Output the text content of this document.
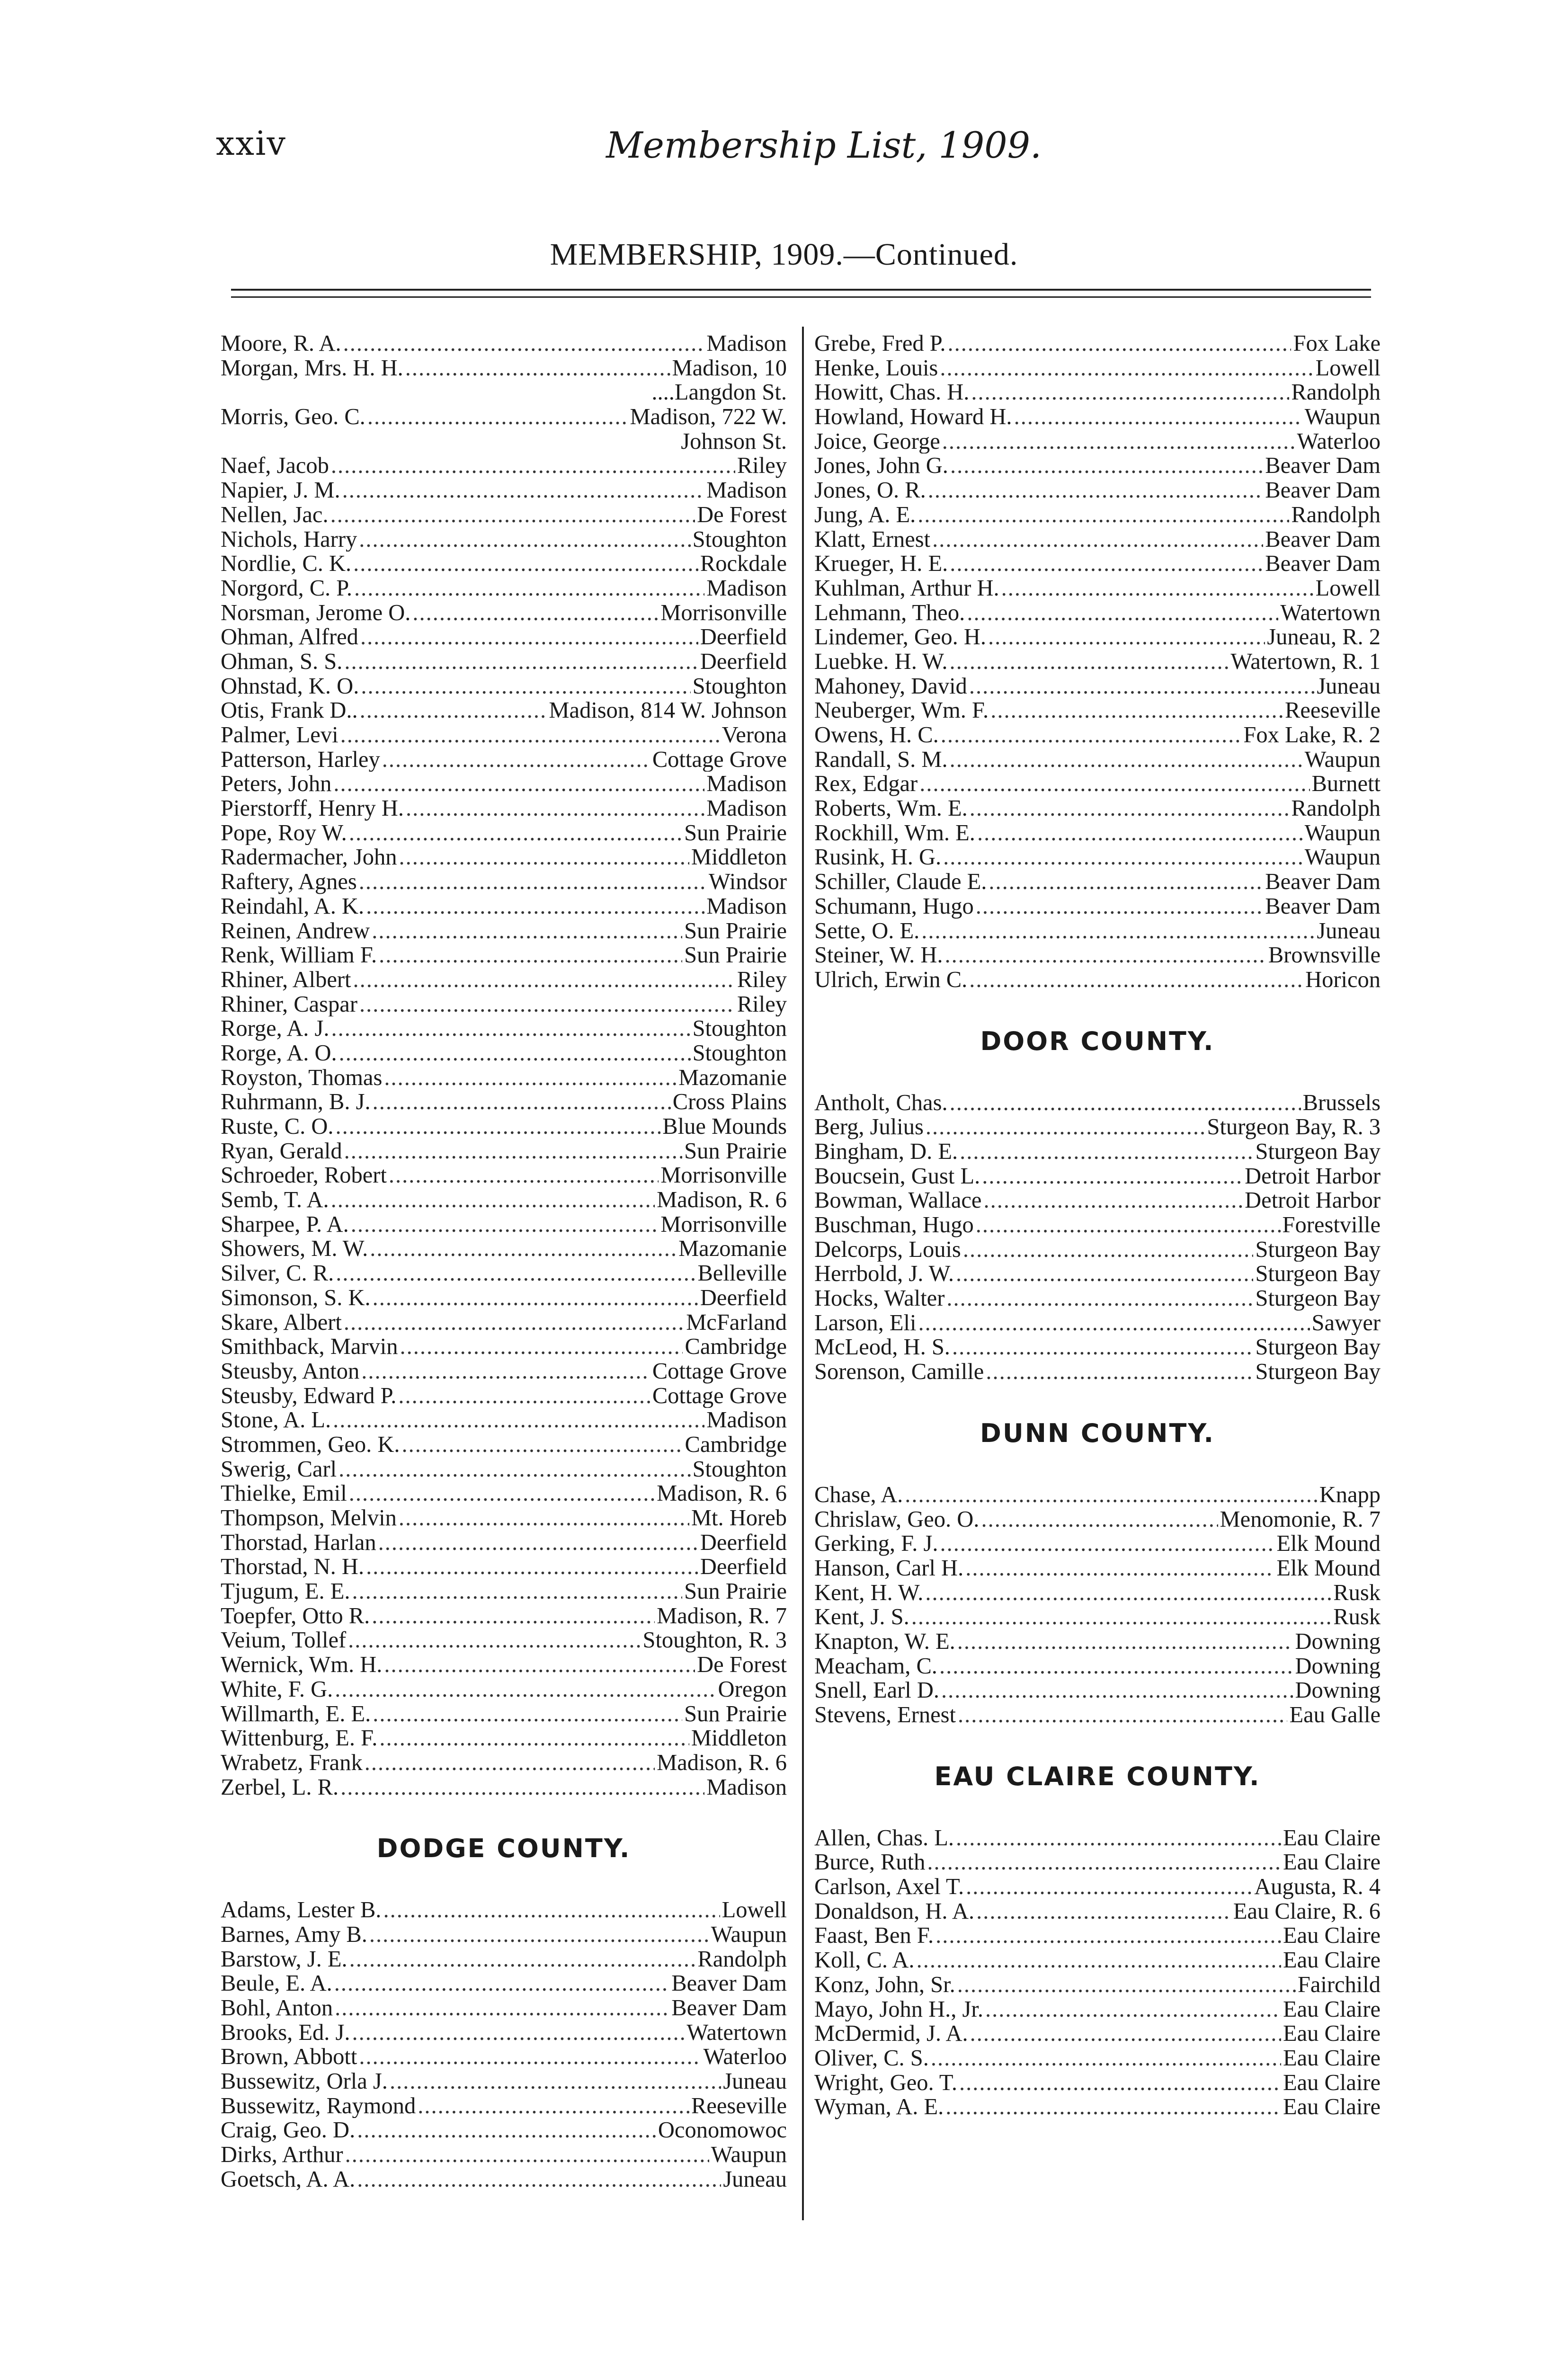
xxiv	Membership List, 1909.
MEMBERSHIP, 1909.—Continued.
Moore, R. A. .....	Madison
Morgan, Mrs. H. H. .....	Madison, 10
....Langdon St.
Morris, Geo. C. .....	Madison, 722 W.
Johnson St.
Naef, Jacob .....	Riley
Napier, J. M. .....	Madison
Nellen, Jac. .....	De Forest
Nichols, Harry .....	Stoughton
Nordlie, C. K. .....	Rockdale
Norgord, C. P. .....	Madison
Norsman, Jerome O. .....	Morrisonville
Ohman, Alfred .....	Deerfield
Ohman, S. S. .....	Deerfield
Ohnstad, K. O. .....	Stoughton
Otis, Frank D.. .....	Madison, 814 W. Johnson
Palmer, Levi .....	Verona
Patterson, Harley .....	Cottage Grove
Peters, John .....	Madison
Pierstorff, Henry H. .....	Madison
Pope, Roy W. .....	Sun Prairie
Radermacher, John .....	Middleton
Raftery, Agnes .....	Windsor
Reindahl, A. K. .....	Madison
Reinen, Andrew .....	Sun Prairie
Renk, William F. .....	Sun Prairie
Rhiner, Albert .....	Riley
Rhiner, Caspar .....	Riley
Rorge, A. J. .....	Stoughton
Rorge, A. O. .....	Stoughton
Royston, Thomas .....	Mazomanie
Ruhrmann, B. J. .....	Cross Plains
Ruste, C. O. .....	Blue Mounds
Ryan, Gerald .....	Sun Prairie
Schroeder, Robert .....	Morrisonville
Semb, T. A. .....	Madison, R. 6
Sharpee, P. A. .....	Morrisonville
Showers, M. W. .....	Mazomanie
Silver, C. R. .....	Belleville
Simonson, S. K. .....	Deerfield
Skare, Albert .....	McFarland
Smithback, Marvin .....	Cambridge
Steusby, Anton .....	Cottage Grove
Steusby, Edward P. .....	Cottage Grove
Stone, A. L. .....	Madison
Strommen, Geo. K. .....	Cambridge
Swerig, Carl .....	Stoughton
Thielke, Emil .....	Madison, R. 6
Thompson, Melvin .....	Mt. Horeb
Thorstad, Harlan .....	Deerfield
Thorstad, N. H. .....	Deerfield
Tjugum, E. E. .....	Sun Prairie
Toepfer, Otto R. .....	Madison, R. 7
Veium, Tollef .....	Stoughton, R. 3
Wernick, Wm. H. .....	De Forest
White, F. G. .....	Oregon
Willmarth, E. E. .....	Sun Prairie
Wittenburg, E. F. .....	Middleton
Wrabetz, Frank .....	Madison, R. 6
Zerbel, L. R. .....	Madison
DODGE COUNTY.
Adams, Lester B. .....	Lowell
Barnes, Amy B. .....	Waupun
Barstow, J. E. .....	Randolph
Beule, E. A. .....	Beaver Dam
Bohl, Anton .....	Beaver Dam
Brooks, Ed. J. .....	Watertown
Brown, Abbott .....	Waterloo
Bussewitz, Orla J. .....	Juneau
Bussewitz, Raymond .....	Reeseville
Craig, Geo. D. .....	Oconomowoc
Dirks, Arthur .....	Waupun
Goetsch, A. A. .....	Juneau
Grebe, Fred P. .....	Fox Lake
Henke, Louis .....	Lowell
Howitt, Chas. H. .....	Randolph
Howland, Howard H. .....	Waupun
Joice, George .....	Waterloo
Jones, John G. .....	Beaver Dam
Jones, O. R. .....	Beaver Dam
Jung, A. E. .....	Randolph
Klatt, Ernest .....	Beaver Dam
Krueger, H. E. .....	Beaver Dam
Kuhlman, Arthur H. .....	Lowell
Lehmann, Theo. .....	Watertown
Lindemer, Geo. H. .....	Juneau, R. 2
Luebke. H. W. .....	Watertown, R. 1
Mahoney, David .....	Juneau
Neuberger, Wm. F. .....	Reeseville
Owens, H. C. .....	Fox Lake, R. 2
Randall, S. M. .....	Waupun
Rex, Edgar .....	Burnett
Roberts, Wm. E. .....	Randolph
Rockhill, Wm. E. .....	Waupun
Rusink, H. G. .....	Waupun
Schiller, Claude E. .....	Beaver Dam
Schumann, Hugo .....	Beaver Dam
Sette, O. E. .....	Juneau
Steiner, W. H. .....	Brownsville
Ulrich, Erwin C. .....	Horicon
DOOR COUNTY.
Antholt, Chas. .....	Brussels
Berg, Julius .....	Sturgeon Bay, R. 3
Bingham, D. E. .....	Sturgeon Bay
Boucsein, Gust L. .....	Detroit Harbor
Bowman, Wallace .....	Detroit Harbor
Buschman, Hugo .....	Forestville
Delcorps, Louis .....	Sturgeon Bay
Herrbold, J. W. .....	Sturgeon Bay
Hocks, Walter .....	Sturgeon Bay
Larson, Eli .....	Sawyer
McLeod, H. S. .....	Sturgeon Bay
Sorenson, Camille .....	Sturgeon Bay
DUNN COUNTY.
Chase, A. .....	Knapp
Chrislaw, Geo. O. .....	Menomonie, R. 7
Gerking, F. J. .....	Elk Mound
Hanson, Carl H. .....	Elk Mound
Kent, H. W. .....	Rusk
Kent, J. S. .....	Rusk
Knapton, W. E. .....	Downing
Meacham, C. .....	Downing
Snell, Earl D. .....	Downing
Stevens, Ernest .....	Eau Galle
EAU CLAIRE COUNTY.
Allen, Chas. L. .....	Eau Claire
Burce, Ruth .....	Eau Claire
Carlson, Axel T. .....	Augusta, R. 4
Donaldson, H. A. .....	Eau Claire, R. 6
Faast, Ben F. .....	Eau Claire
Koll, C. A. .....	Eau Claire
Konz, John, Sr. .....	Fairchild
Mayo, John H., Jr. .....	Eau Claire
McDermid, J. A. .....	Eau Claire
Oliver, C. S. .....	Eau Claire
Wright, Geo. T. .....	Eau Claire
Wyman, A. E. .....	Eau Claire
